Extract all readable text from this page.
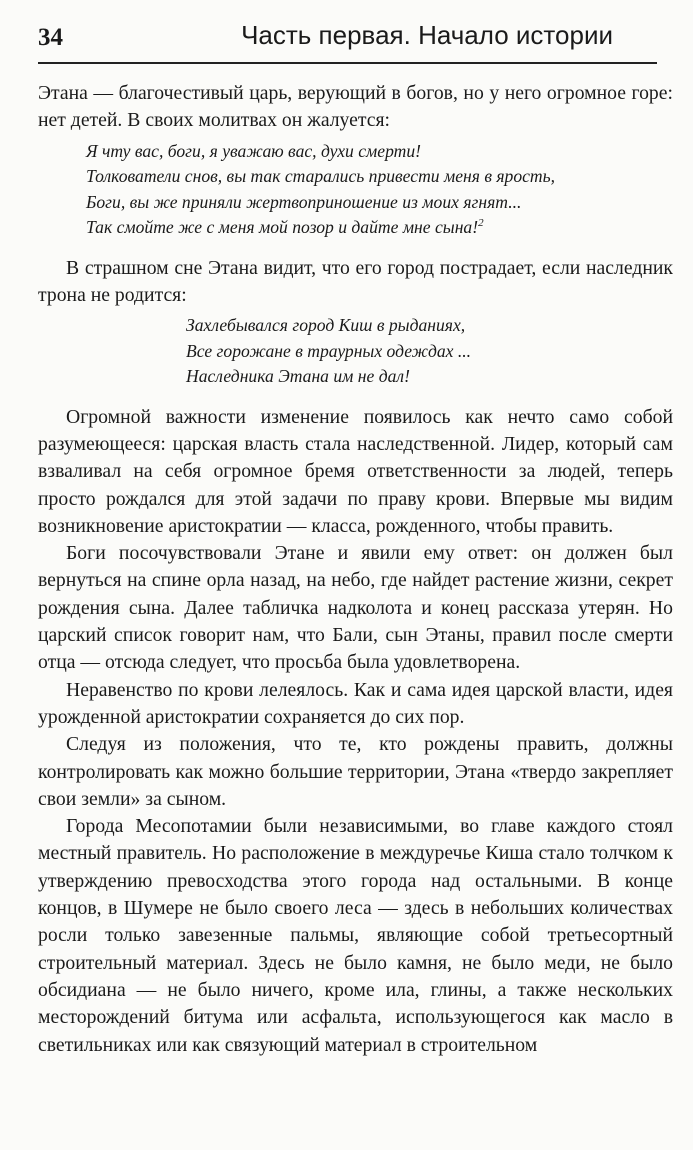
34	Часть первая. Начало истории

Этана — благочестивый царь, верующий в богов, но у него огромное горе: нет детей. В своих молитвах он жалуется:

Я чту вас, боги, я уважаю вас, духи смерти!
Толкователи снов, вы так старались привести меня в ярость,
Боги, вы же приняли жертвоприношение из моих ягнят...
Так смойте же с меня мой позор и дайте мне сына!$^2$

В страшном сне Этана видит, что его город пострадает, если наследник трона не родится:

Захлебывался город Киш в рыданиях,
Все горожане в траурных одеждах ...
Наследника Этана им не дал!

Огромной важности изменение появилось как нечто само собой разумеющееся: царская власть стала наследственной. Лидер, который сам взваливал на себя огромное бремя ответственности за людей, теперь просто рождался для этой задачи по праву крови. Впервые мы видим возникновение аристократии — класса, рожденного, чтобы править.

Боги посочувствовали Этане и явили ему ответ: он должен был вернуться на спине орла назад, на небо, где найдет растение жизни, секрет рождения сына. Далее табличка надколота и конец рассказа утерян. Но царский список говорит нам, что Бали, сын Этаны, правил после смерти отца — отсюда следует, что просьба была удовлетворена.

Неравенство по крови лелеялось. Как и сама идея царской власти, идея урожденной аристократии сохраняется до сих пор.

Следуя из положения, что те, кто рождены править, должны контролировать как можно большие территории, Этана «твердо закрепляет свои земли» за сыном.

Города Месопотамии были независимыми, во главе каждого стоял местный правитель. Но расположение в междуречье Киша стало толчком к утверждению превосходства этого города над остальными. В конце концов, в Шумере не было своего леса — здесь в небольших количествах росли только завезенные пальмы, являющие собой третьесортный строительный материал. Здесь не было камня, не было меди, не было обсидиана — не было ничего, кроме ила, глины, а также нескольких месторождений битума или асфальта, использующегося как масло в светильниках или как связующий материал в строительном
